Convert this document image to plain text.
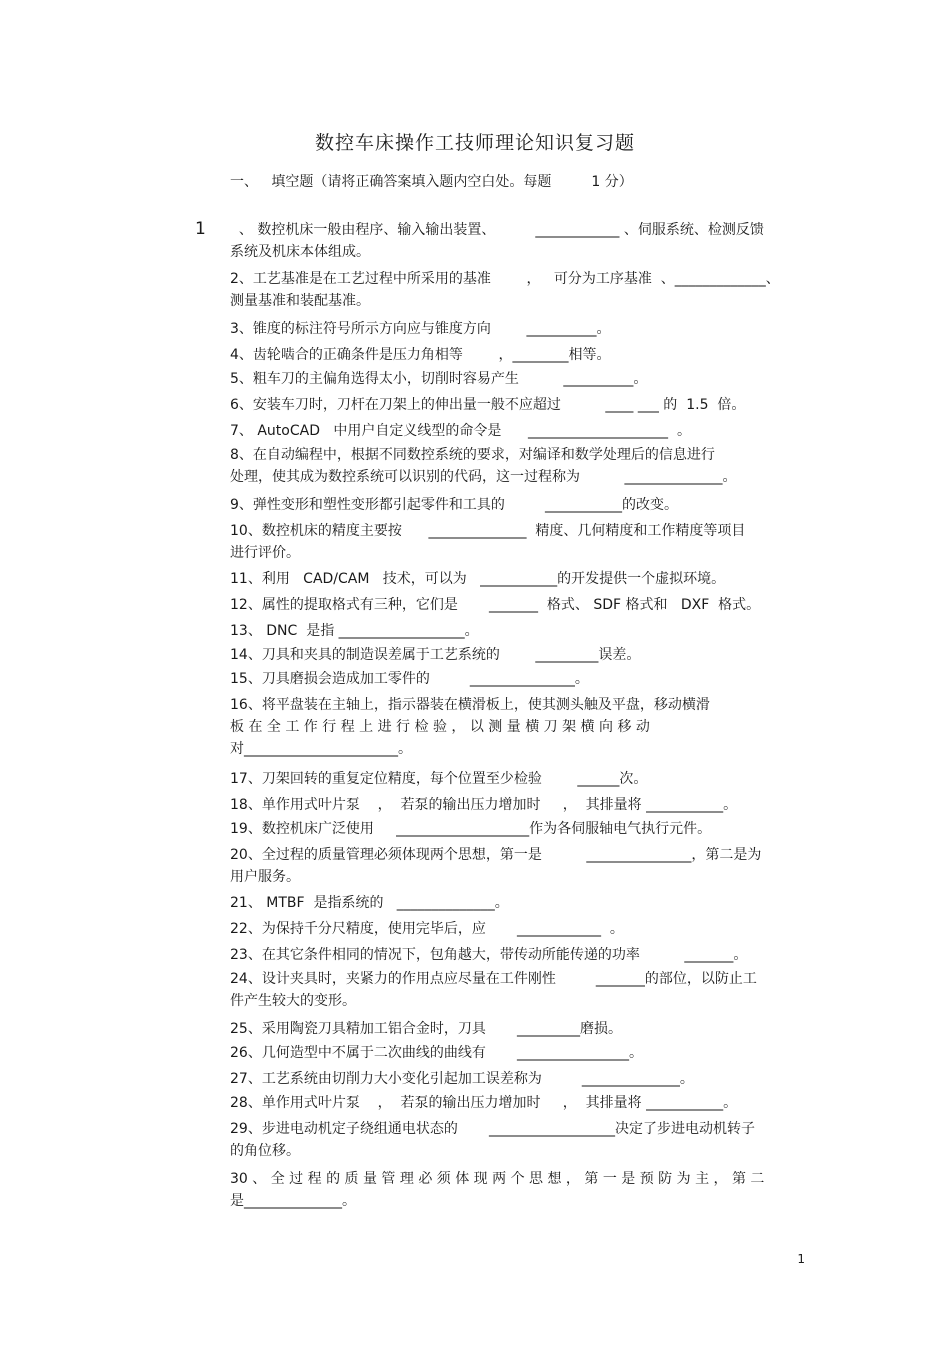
数控车床操作工技师理论知识复习题
一、   填空题（请将正确答案填入题内空白处。每题         1 分）
1 、 数控机床一般由程序、输入输出装置、         ____________ 、伺服系统、检测反馈
系统及机床本体组成。
2、工艺基准是在工艺过程中所采用的基准        ，   可分为工序基准  、_____________、
测量基准和装配基准。
3、锥度的标注符号所示方向应与锥度方向        __________。
4、齿轮啮合的正确条件是压力角相等        ，________相等。
5、粗车刀的主偏角选得太小，切削时容易产生          __________。
6、安装车刀时，刀杆在刀架上的伸出量一般不应超过          ____ ___ 的  1.5  倍。
7、 AutoCAD   中用户自定义线型的命令是      ____________________  。
8、在自动编程中，根据不同数控系统的要求，对编译和数学处理后的信息进行
处理，使其成为数控系统可以识别的代码，这一过程称为          ______________。
9、弹性变形和塑性变形都引起零件和工具的         ___________的改变。
10、数控机床的精度主要按      ______________  精度、几何精度和工作精度等项目
进行评价。
11、利用   CAD/CAM   技术，可以为   ___________的开发提供一个虚拟环境。
12、属性的提取格式有三种，它们是       _______  格式、 SDF 格式和   DXF  格式。
13、 DNC  是指 __________________。
14、刀具和夹具的制造误差属于工艺系统的        _________误差。
15、刀具磨损会造成加工零件的         _______________。
16、将平盘装在主轴上，指示器装在横滑板上，使其测头触及平盘，移动横滑
板 在 全 工 作 行 程 上 进 行 检 验 ， 以 测 量 横 刀 架 横 向 移 动
对______________________。
17、刀架回转的重复定位精度，每个位置至少检验        ______次。
18、单作用式叶片泵    ，  若泵的输出压力增加时     ，  其排量将 ___________。
19、数控机床广泛使用     ___________________作为各伺服轴电气执行元件。
20、全过程的质量管理必须体现两个思想，第一是          _______________，第二是为
用户服务。
21、 MTBF  是指系统的   ______________。
22、为保持千分尺精度，使用完毕后，应       ____________  。
23、在其它条件相同的情况下，包角越大，带传动所能传递的功率          _______。
24、设计夹具时，夹紧力的作用点应尽量在工件刚性         _______的部位，以防止工
件产生较大的变形。
25、采用陶瓷刀具精加工铝合金时，刀具       _________磨损。
26、几何造型中不属于二次曲线的曲线有       ________________。
27、工艺系统由切削力大小变化引起加工误差称为         ______________。
28、单作用式叶片泵    ，  若泵的输出压力增加时     ，  其排量将 ___________。
29、步进电动机定子绕组通电状态的       __________________决定了步进电动机转子
的角位移。
30 、 全 过 程 的 质 量 管 理 必 须 体 现 两 个 思 想 ， 第 一 是 预 防 为 主 ， 第 二
是______________。
1
